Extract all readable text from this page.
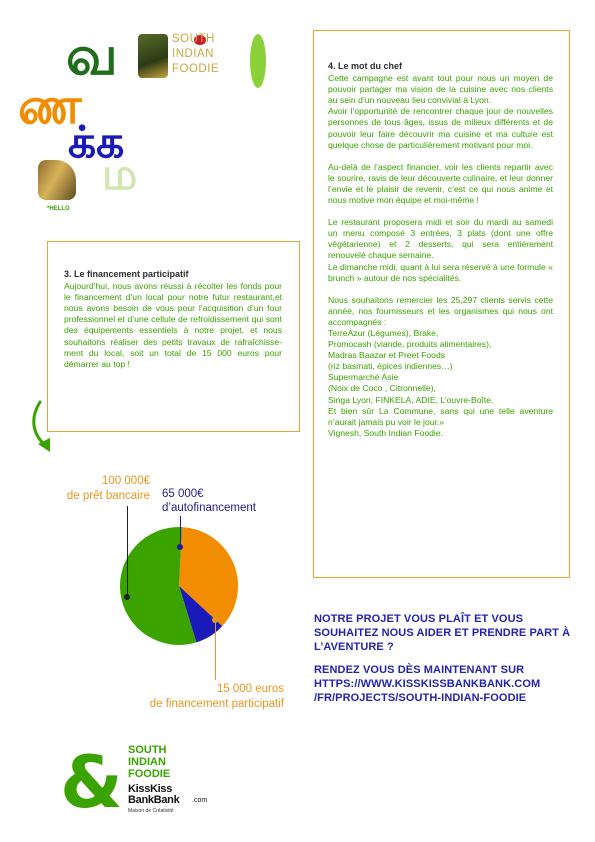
வ
ண
க்க
ம
*HELLO
SOUTH
INDIAN
FOODIE
3. Le financement participatif

Aujourd’hui, nous avons réussi à récolter les fonds pour le financement d’un local pour notre futur restaurant,et nous avons besoin de vous pour l’acquisition d’un four professionnel et d’une cellule de refroidissement qui sont des équipements essentiels à notre projet, et nous souhaitons réaliser des petits travaux de rafraîchisse-ment du local, soit un total de 15 000 euros pour démarrer au top !

4. Le mot du chef

Cette campagne est avant tout pour nous un moyen de pouvoir partager ma vision de la cuisine avec nos clients au sein d’un nouveau lieu convivial à Lyon.

Avoir l’opportunité de rencontrer chaque jour de nouvelles personnes de tous âges, issus de milieux différents et de pouvoir leur faire découvrir ma cuisine et ma culture est quelque chose de particulièrement motivant pour moi.

Au-delà de l’aspect financier, voir les clients repartir avec le sourire, ravis de leur découverte culinaire, et leur donner l’envie et le plaisir de revenir, c’est ce qui nous anime et nous motive mon équipe et moi-même !

Le restaurant proposera midi et soir du mardi au samedi un menu composé 3 entrées, 3 plats (dont une offre végétarienne) et 2 desserts, qui sera entièrement renouvelé chaque semaine.

Le dimanche midi, quant à lui sera réservé à une formule « brunch » autour de nos spécialités.

Nous souhaitons remercier les 25,297 clients servis cette année, nos fournisseurs et les organismes qui nous ont accompagnés :

TerreAzur (Légumes), Brake,

Promocash (viande, produits alimentaires),

Madras Baazar et Preet Foods

(riz basmati, épices indiennes…)

Supermarché Asie

(Noix de Coco , Citronnelle),

Singa Lyon, FINKELA, ADIE, L’ouvre-Boîte.

Et bien sûr La Commune, sans qui une telle aventure n’aurait jamais pu voir le jour.»

Vignesh, South Indian Foodie.

100 000€
de prêt bancaire 65 000€
d’autofinancement
15 000 euros
de financement participatif
NOTRE PROJET VOUS PLAÎT ET VOUS SOUHAITEZ NOUS AIDER ET PRENDRE PART À L’AVENTURE ?
RENDEZ VOUS DÈS MAINTENANT SUR HTTPS://WWW.KISSKISSBANKBANK.COM /FR/PROJECTS/SOUTH-INDIAN-FOODIE
& SOUTH
INDIAN
FOODIE
KissKiss
BankBank .com
Maison de Créativité
